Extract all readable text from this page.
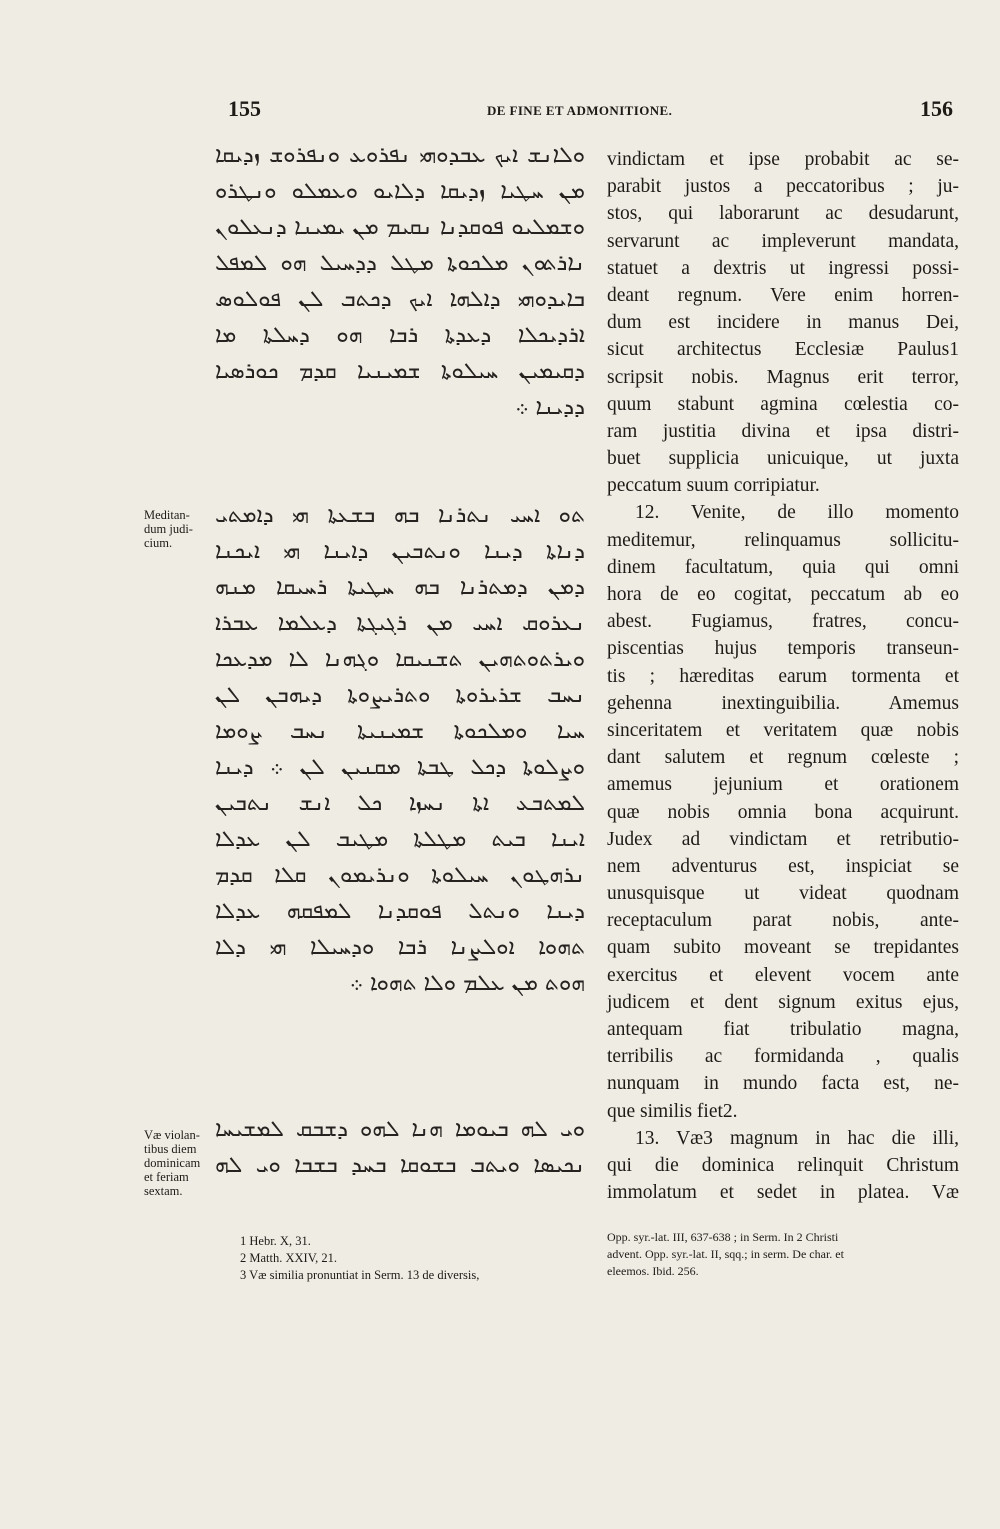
155	DE FINE ET ADMONITIONE.	156
ܘܠܐܢܫ ܐܝܟ ܥܒܕܘܗܝ ܢܦܪܘܥ ܘܢܦܪܘܫ ܙܕܝܩܐ
ܡܢ ܚܛܝܐ ܙܕܝܩܐ ܕܠܐܝܘ ܘܥܡܠܘ ܘܢܛܪܘ
ܘܫܡܠܝܘ ܦܘܩܕܢܐ ܢܩܝܡ ܡܢ ܝܡܝܢܐ ܕܢܥܠܘܢ
ܢܐܪܬܘܢ ܡܠܟܘܬܐ ܡܛܠ ܕܕܚܝܠ ܗܘ ܠܡܦܠ
ܒܐܝܕܘܗܝ ܕܐܠܗܐ ܐܝܟ ܕܟܬܒ ܠܢ ܦܘܠܘܣ
ܐܪܕܝܟܠܐ ܕܥܕܬܐ ܪܒܐ ܗܘ ܕܚܠܬܐ ܡܐ
ܕܩܝܡܝܢ ܚܝܠܘܬܐ ܫܡܝܢܝܐ ܩܕܡ ܟܘܪܣܝܐ
ܕܕܝܢܐ ܀
ܬܘ ܐܚܝ ܢܬܪܢܐ ܒܗ ܒܫܥܬܐ ܗܝ ܕܐܡܬܝ
ܕܢܐܬܐ ܕܝܢܐ ܘܢܬܒܝܢ ܕܐܝܢܐ ܗܝ ܐܝܟܢܐ
ܕܡܢ ܕܡܬܪܢܐ ܒܗ ܚܛܝܬܐ ܪܚܝܩܐ ܡܢܗ
ܢܥܪܘܩ ܐܚܝ ܡܢ ܪܓܝܓܬܐ ܕܥܠܡܐ ܥܒܪܐ
ܘܝܪܬܘܬܗܝܢ ܬܫܢܝܩܐ ܘܓܗܢܐ ܠܐ ܡܕܥܟܐ
ܢܚܒ ܫܪܝܪܘܬܐ ܘܬܪܝܨܘܬܐ ܕܝܗܒܢ ܠܢ
ܚܝܐ ܘܡܠܟܘܬܐ ܫܡܝܢܝܬܐ ܢܚܒ ܨܘܡܐ
ܘܨܠܘܬܐ ܕܟܠ ܛܒܬܐ ܡܩܢܝܢ ܠܢ ܀ ܕܝܢܐ
ܠܡܬܒܥ ܐܬܐ ܢܚܙܐ ܟܠ ܐܢܫ ܢܬܒܝܢ
ܐܝܢܐ ܒܝܬ ܡܛܠܬܐ ܡܛܝܒ ܠܢ ܥܕܠܐ
ܢܪܗܛܘܢ ܚܝܠܘܬܐ ܘܢܪܝܡܘܢ ܩܠܐ ܩܕܡ
ܕܝܢܐ ܘܢܬܠ ܦܘܩܕܢܐ ܠܡܦܩܗ ܥܕܠܐ
ܬܗܘܐ ܐܘܠܨܢܐ ܪܒܐ ܘܕܚܝܠܐ ܗܝ ܕܠܐ
ܗܘܬ ܡܢ ܥܠܡ ܘܠܐ ܬܗܘܐ ܀
ܘܝ ܠܗ ܒܝܘܡܐ ܗܢܐ ܠܗܘ ܕܫܒܩ ܠܡܫܝܚܐ
ܢܟܝܣܐ ܘܝܬܒ ܒܫܘܩܐ ܒܚܕ ܒܫܒܐ ܘܝ ܠܗ
Meditan-
dum judi-
cium.
Væ violan-
tibus diem
dominicam
et feriam
sextam.
vindictam et ipse probabit ac se-
parabit justos a peccatoribus ; ju-
stos, qui laborarunt ac desudarunt,
servarunt ac impleverunt mandata,
statuet a dextris ut ingressi possi-
deant regnum. Vere enim horren-
dum est incidere in manus Dei,
sicut architectus Ecclesiæ Paulus1
scripsit nobis. Magnus erit terror,
quum stabunt agmina cœlestia co-
ram justitia divina et ipsa distri-
buet supplicia unicuique, ut juxta
peccatum suum corripiatur.
12. Venite, de illo momento
meditemur, relinquamus sollicitu-
dinem facultatum, quia qui omni
hora de eo cogitat, peccatum ab eo
abest. Fugiamus, fratres, concu-
piscentias hujus temporis transeun-
tis ; hæreditas earum tormenta et
gehenna inextinguibilia. Amemus
sinceritatem et veritatem quæ nobis
dant salutem et regnum cœleste ;
amemus jejunium et orationem
quæ nobis omnia bona acquirunt.
Judex ad vindictam et retributio-
nem adventurus est, inspiciat se
unusquisque ut videat quodnam
receptaculum parat nobis, ante-
quam subito moveant se trepidantes
exercitus et elevent vocem ante
judicem et dent signum exitus ejus,
antequam fiat tribulatio magna,
terribilis ac formidanda , qualis
nunquam in mundo facta est, ne-
que similis fiet2.
13. Væ3 magnum in hac die illi,
qui die dominica relinquit Christum
immolatum et sedet in platea. Væ
1 Hebr. X, 31.
2 Matth. XXIV, 21.
3 Væ similia pronuntiat in Serm. 13 de diversis,
Opp. syr.-lat. III, 637-638 ; in Serm. In 2 Christi
advent. Opp. syr.-lat. II, sqq.; in serm. De char. et
eleemos. Ibid. 256.
